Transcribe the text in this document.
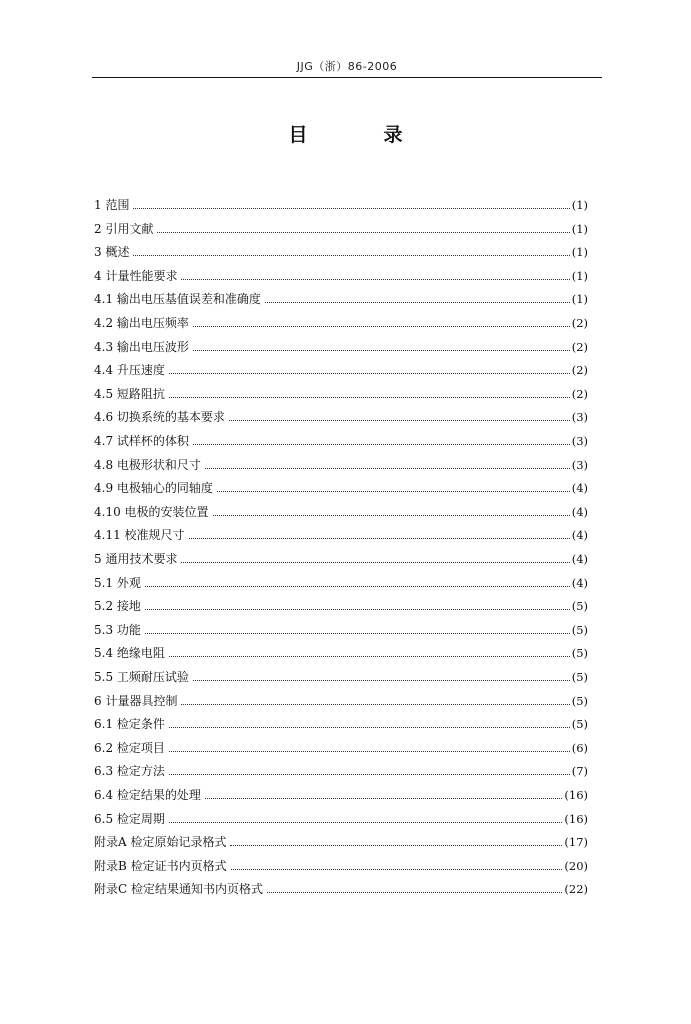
JJG（浙）86-2006
目	录
1 范围	(1)
2 引用文献	(1)
3 概述	(1)
4 计量性能要求	(1)
4.1 输出电压基值误差和准确度	(1)
4.2 输出电压频率	(2)
4.3 输出电压波形	(2)
4.4 升压速度	(2)
4.5 短路阻抗	(2)
4.6 切换系统的基本要求	(3)
4.7 试样杯的体积	(3)
4.8 电极形状和尺寸	(3)
4.9 电极轴心的同轴度	(4)
4.10 电极的安装位置	(4)
4.11 校准规尺寸	(4)
5 通用技术要求	(4)
5.1 外观	(4)
5.2 接地	(5)
5.3 功能	(5)
5.4 绝缘电阻	(5)
5.5 工频耐压试验	(5)
6 计量器具控制	(5)
6.1 检定条件	(5)
6.2 检定项目	(6)
6.3 检定方法	(7)
6.4 检定结果的处理	(16)
6.5 检定周期	(16)
附录A 检定原始记录格式	(17)
附录B 检定证书内页格式	(20)
附录C 检定结果通知书内页格式	(22)
